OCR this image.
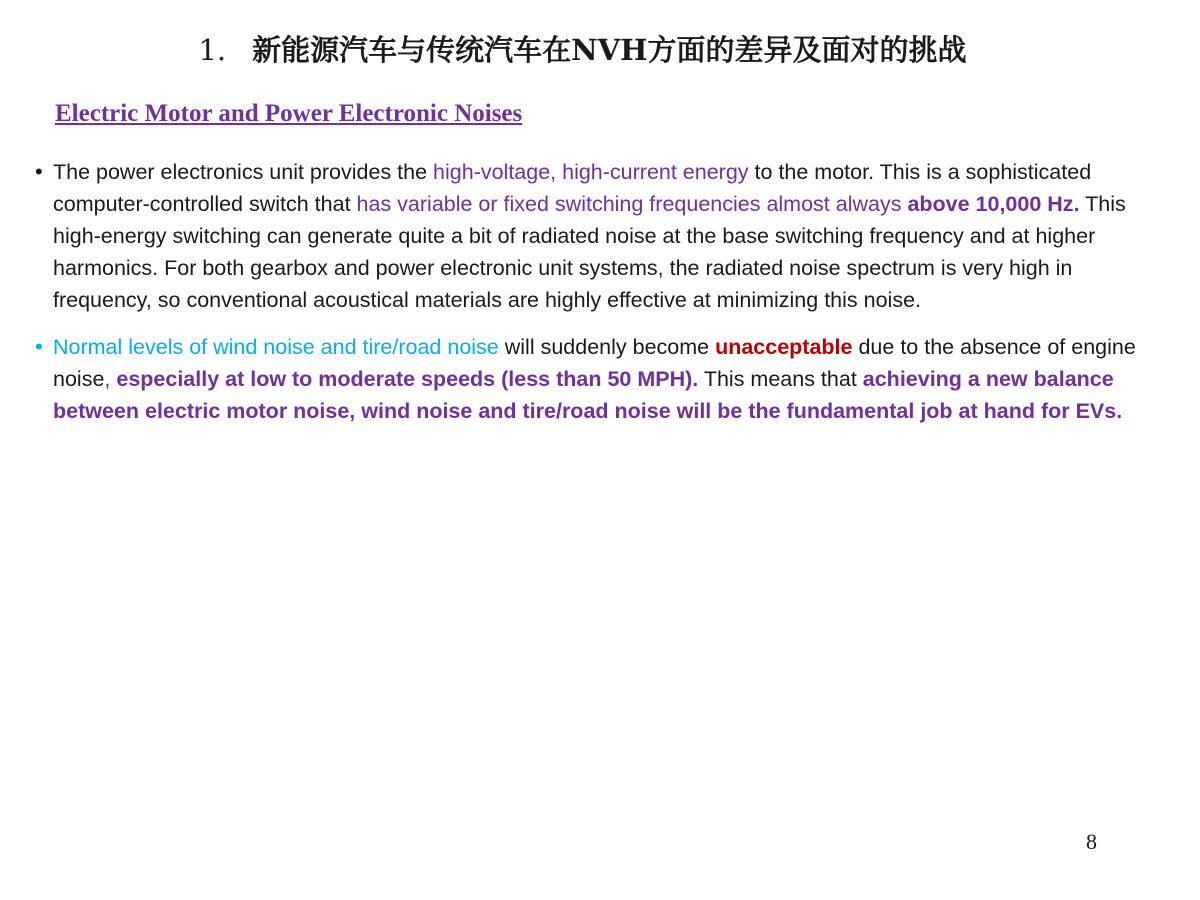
1. 新能源汽车与传统汽车在NVH方面的差异及面对的挑战
Electric Motor and Power Electronic Noises
• The power electronics unit provides the high-voltage, high-current energy to the motor. This is a sophisticated computer-controlled switch that has variable or fixed switching frequencies almost always above 10,000 Hz. This high-energy switching can generate quite a bit of radiated noise at the base switching frequency and at higher harmonics. For both gearbox and power electronic unit systems, the radiated noise spectrum is very high in frequency, so conventional acoustical materials are highly effective at minimizing this noise.
• Normal levels of wind noise and tire/road noise will suddenly become unacceptable due to the absence of engine noise, especially at low to moderate speeds (less than 50 MPH). This means that achieving a new balance between electric motor noise, wind noise and tire/road noise will be the fundamental job at hand for EVs.
8
